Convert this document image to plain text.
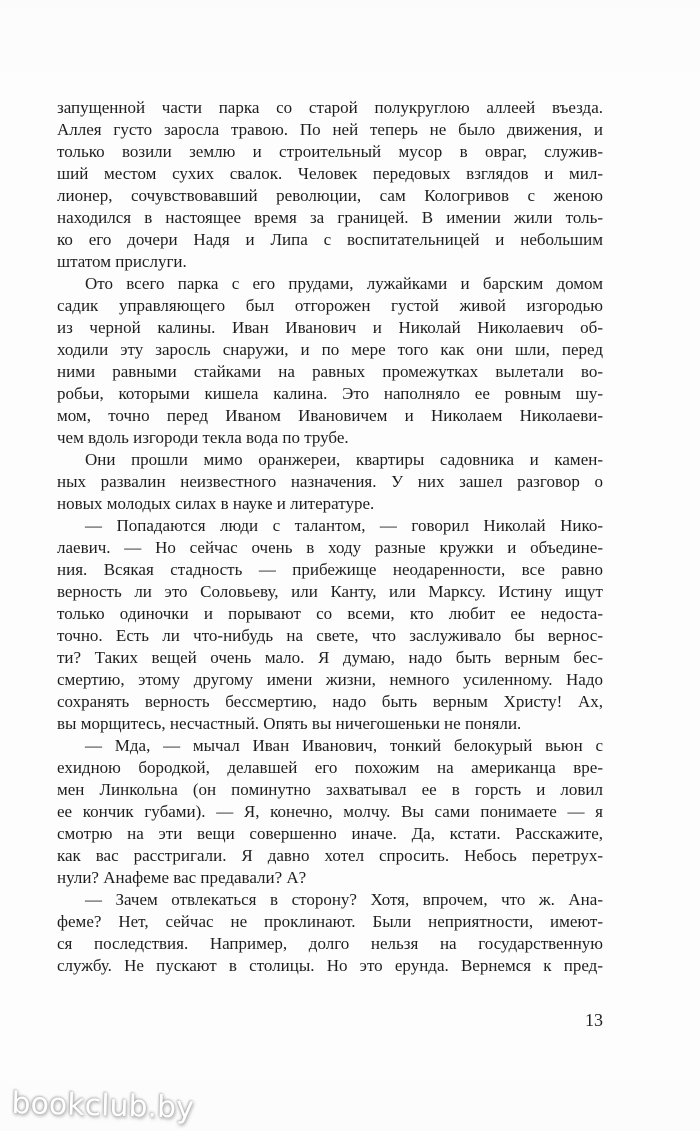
запущенной части парка со старой полукруглою аллеей въезда.
Аллея густо заросла травою. По ней теперь не было движения, и
только возили землю и строительный мусор в овраг, служив-
ший местом сухих свалок. Человек передовых взглядов и мил-
лионер, сочувствовавший революции, сам Кологривов с женою
находился в настоящее время за границей. В имении жили толь-
ко его дочери Надя и Липа с воспитательницей и небольшим
штатом прислуги.
Ото всего парка с его прудами, лужайками и барским домом
садик управляющего был отгорожен густой живой изгородью
из черной калины. Иван Иванович и Николай Николаевич об-
ходили эту заросль снаружи, и по мере того как они шли, перед
ними равными стайками на равных промежутках вылетали во-
робьи, которыми кишела калина. Это наполняло ее ровным шу-
мом, точно перед Иваном Ивановичем и Николаем Николаеви-
чем вдоль изгороди текла вода по трубе.
Они прошли мимо оранжереи, квартиры садовника и камен-
ных развалин неизвестного назначения. У них зашел разговор о
новых молодых силах в науке и литературе.
— Попадаются люди с талантом, — говорил Николай Нико-
лаевич. — Но сейчас очень в ходу разные кружки и объедине-
ния. Всякая стадность — прибежище неодаренности, все равно
верность ли это Соловьеву, или Канту, или Марксу. Истину ищут
только одиночки и порывают со всеми, кто любит ее недоста-
точно. Есть ли что-нибудь на свете, что заслуживало бы вернос-
ти? Таких вещей очень мало. Я думаю, надо быть верным бес-
смертию, этому другому имени жизни, немного усиленному. Надо
сохранять верность бессмертию, надо быть верным Христу! Ах,
вы морщитесь, несчастный. Опять вы ничегошеньки не поняли.
— Мда, — мычал Иван Иванович, тонкий белокурый вьюн с
ехидною бородкой, делавшей его похожим на американца вре-
мен Линкольна (он поминутно захватывал ее в горсть и ловил
ее кончик губами). — Я, конечно, молчу. Вы сами понимаете — я
смотрю на эти вещи совершенно иначе. Да, кстати. Расскажите,
как вас расстригали. Я давно хотел спросить. Небось перетрух-
нули? Анафеме вас предавали? А?
— Зачем отвлекаться в сторону? Хотя, впрочем, что ж. Ана-
феме? Нет, сейчас не проклинают. Были неприятности, имеют-
ся последствия. Например, долго нельзя на государственную
службу. Не пускают в столицы. Но это ерунда. Вернемся к пред-
13
bookclub.by
